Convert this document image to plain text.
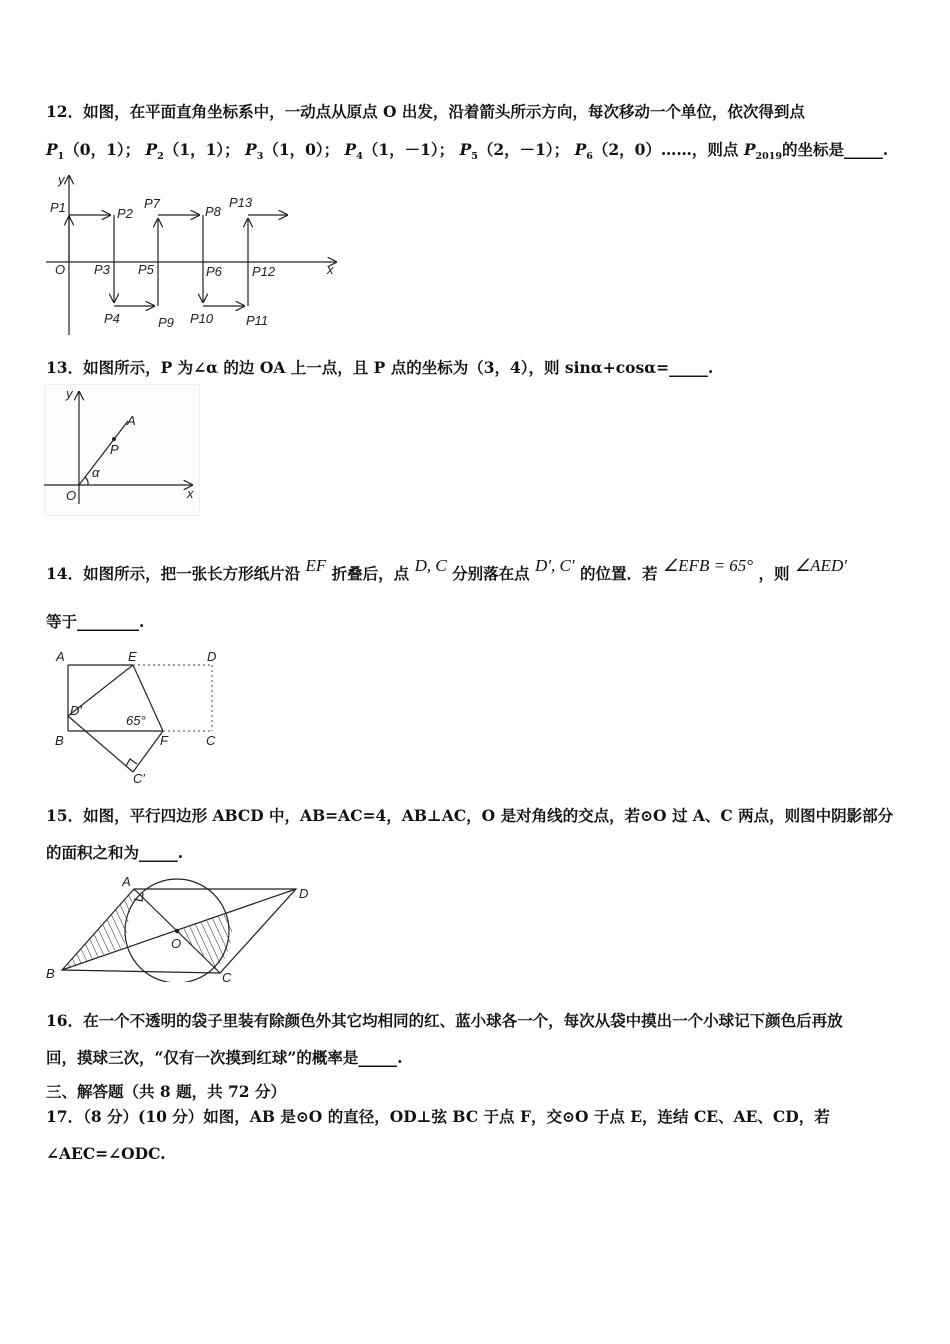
12．如图，在平面直角坐标系中，一动点从原点 O 出发，沿着箭头所示方向，每次移动一个单位，依次得到点
$P_1(0$，1）； $P_2(1$，1）； $P_3(1$，0）； $P_4(1$，－1）； $P_5(2$，－1）； $P_6(2$，0）……，则点 $P_{2019}$的坐标是_____.
y
x
O
P1	P2
P7
P8
P13
P3 P5	P6 P12
P4	P9 P10	P11
13．如图所示，P 为∠α 的边 OA 上一点，且 P 点的坐标为（3，4），则 sinα+cosα=_____.
y
x
O
A
P
α
14．如图所示，把一张长方形纸片沿 EF 折叠后，点 D, C 分别落在点 D′, C′ 的位置．若 ∠EFB = 65° ，则 ∠AED′
等于________.
A	E	D
D′
65°
B	F	C
C′
15．如图，平行四边形 ABCD 中，AB=AC=4，AB⊥AC，O 是对角线的交点，若⊙O 过 A、C 两点，则图中阴影部分
的面积之和为_____.
A
D
O
B	C
16．在一个不透明的袋子里装有除颜色外其它均相同的红、蓝小球各一个，每次从袋中摸出一个小球记下颜色后再放
回，摸球三次，“仅有一次摸到红球”的概率是_____.
三、解答题（共 8 题，共 72 分）
17．（8 分）(10 分）如图，AB 是⊙O 的直径，OD⊥弦 BC 于点 F，交⊙O 于点 E，连结 CE、AE、CD，若
∠AEC=∠ODC.
